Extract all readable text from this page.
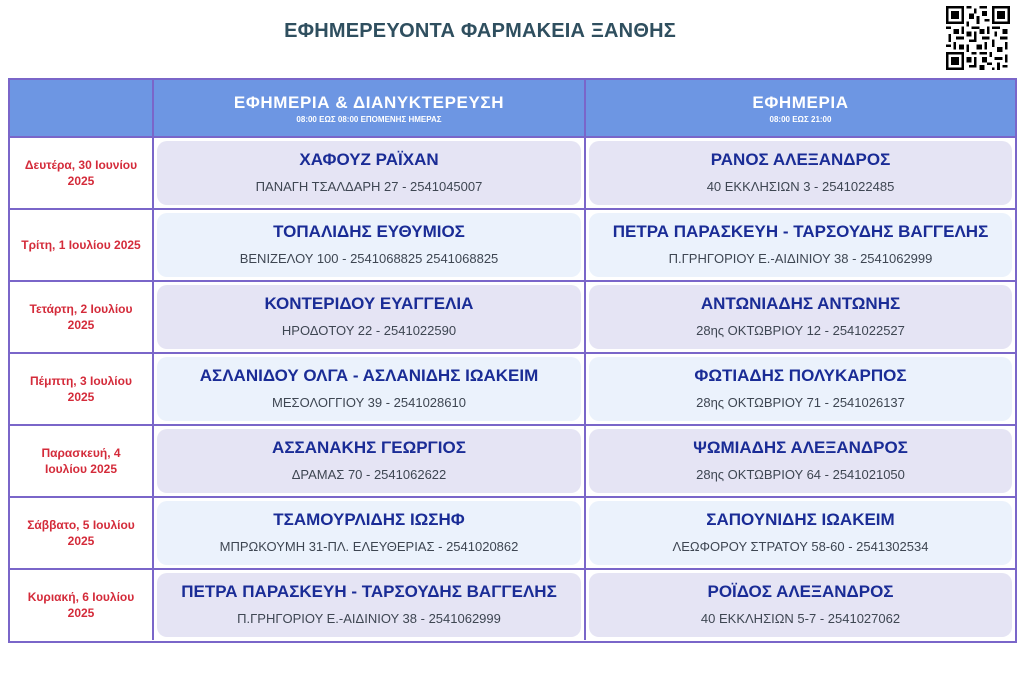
ΕΦΗΜΕΡΕΥΟΝΤΑ ΦΑΡΜΑΚΕΙΑ ΞΑΝΘΗΣ
ΕΦΗΜΕΡΙΑ & ΔΙΑΝΥΚΤΕΡΕΥΣΗ
08:00 ΕΩΣ 08:00 ΕΠΟΜΕΝΗΣ ΗΜΕΡΑΣ
ΕΦΗΜΕΡΙΑ
08:00 ΕΩΣ 21:00
Δευτέρα, 30 Ιουνίου 2025
ΧΑΦΟΥΖ ΡΑΪΧΑΝ
ΠΑΝΑΓΗ ΤΣΑΛΔΑΡΗ 27 - 2541045007
ΡΑΝΟΣ ΑΛΕΞΑΝΔΡΟΣ
40 ΕΚΚΛΗΣΙΩΝ 3 - 2541022485
Τρίτη, 1 Ιουλίου 2025
ΤΟΠΑΛΙΔΗΣ ΕΥΘΥΜΙΟΣ
ΒΕΝΙΖΕΛΟΥ 100 - 2541068825 2541068825
ΠΕΤΡΑ ΠΑΡΑΣΚΕΥΗ - ΤΑΡΣΟΥΔΗΣ ΒΑΓΓΕΛΗΣ
Π.ΓΡΗΓΟΡΙΟΥ Ε.-ΑΙΔΙΝΙΟΥ 38 - 2541062999
Τετάρτη, 2 Ιουλίου 2025
ΚΟΝΤΕΡΙΔΟΥ ΕΥΑΓΓΕΛΙΑ
ΗΡΟΔΟΤΟΥ 22 - 2541022590
ΑΝΤΩΝΙΑΔΗΣ ΑΝΤΩΝΗΣ
28ης ΟΚΤΩΒΡΙΟΥ 12 - 2541022527
Πέμπτη, 3 Ιουλίου 2025
ΑΣΛΑΝΙΔΟΥ ΟΛΓΑ - ΑΣΛΑΝΙΔΗΣ ΙΩΑΚΕΙΜ
ΜΕΣΟΛΟΓΓΙΟΥ 39 - 2541028610
ΦΩΤΙΑΔΗΣ ΠΟΛΥΚΑΡΠΟΣ
28ης ΟΚΤΩΒΡΙΟΥ 71 - 2541026137
Παρασκευή, 4 Ιουλίου 2025
ΑΣΣΑΝΑΚΗΣ ΓΕΩΡΓΙΟΣ
ΔΡΑΜΑΣ 70 - 2541062622
ΨΩΜΙΑΔΗΣ ΑΛΕΞΑΝΔΡΟΣ
28ης ΟΚΤΩΒΡΙΟΥ 64 - 2541021050
Σάββατο, 5 Ιουλίου 2025
ΤΣΑΜΟΥΡΛΙΔΗΣ ΙΩΣΗΦ
ΜΠΡΩΚΟΥΜΗ 31-ΠΛ. ΕΛΕΥΘΕΡΙΑΣ - 2541020862
ΣΑΠΟΥΝΙΔΗΣ ΙΩΑΚΕΙΜ
ΛΕΩΦΟΡΟΥ ΣΤΡΑΤΟΥ 58-60 - 2541302534
Κυριακή, 6 Ιουλίου 2025
ΠΕΤΡΑ ΠΑΡΑΣΚΕΥΗ - ΤΑΡΣΟΥΔΗΣ ΒΑΓΓΕΛΗΣ
Π.ΓΡΗΓΟΡΙΟΥ Ε.-ΑΙΔΙΝΙΟΥ 38 - 2541062999
ΡΟΪΔΟΣ ΑΛΕΞΑΝΔΡΟΣ
40 ΕΚΚΛΗΣΙΩΝ 5-7 - 2541027062
